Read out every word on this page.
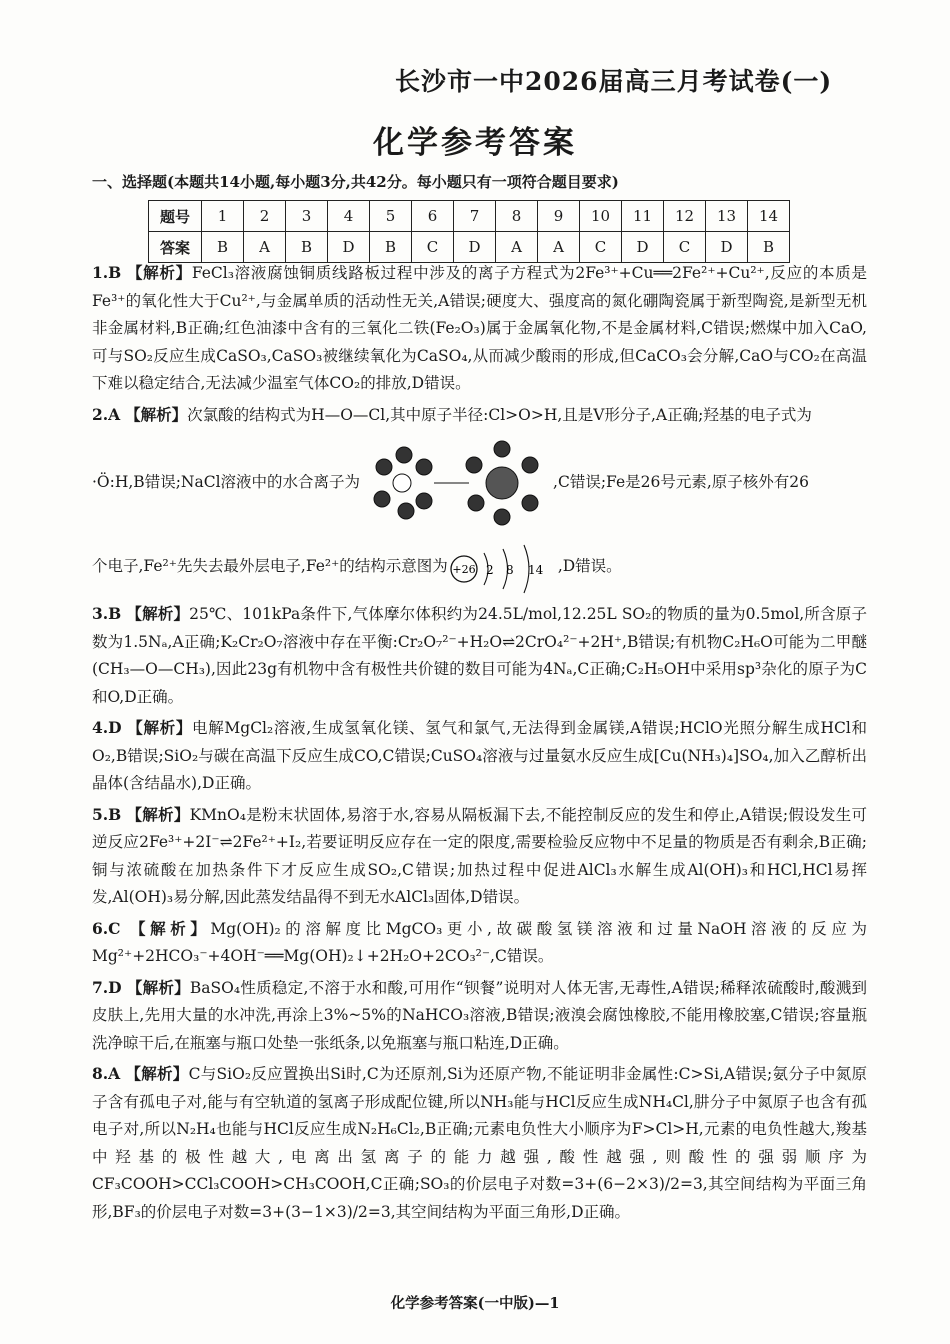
长沙市一中2026届高三月考试卷(一)
化学参考答案
一、选择题(本题共14小题,每小题3分,共42分。每小题只有一项符合题目要求)
题号	1	2	3	4	5	6	7	8	9	10	11	12	13	14
答案	B	A	B	D	B	C	D	A	A	C	D	C	D	B

1.B 【解析】FeCl₃溶液腐蚀铜质线路板过程中涉及的离子方程式为2Fe³⁺+Cu══2Fe²⁺+Cu²⁺,反应的本质是Fe³⁺的氧化性大于Cu²⁺,与金属单质的活动性无关,A错误;硬度大、强度高的氮化硼陶瓷属于新型陶瓷,是新型无机非金属材料,B正确;红色油漆中含有的三氧化二铁(Fe₂O₃)属于金属氧化物,不是金属材料,C错误;燃煤中加入CaO,可与SO₂反应生成CaSO₃,CaSO₃被继续氧化为CaSO₄,从而减少酸雨的形成,但CaCO₃会分解,CaO与CO₂在高温下难以稳定结合,无法减少温室气体CO₂的排放,D错误。

2.A 【解析】次氯酸的结构式为H—O—Cl,其中原子半径:Cl>O>H,且是V形分子,A正确;羟基的电子式为
·Ö:H,B错误;NaCl溶液中的水合离子为	,C错误;Fe是26号元素,原子核外有26
个电子,Fe²⁺先失去最外层电子,Fe²⁺的结构示意图为 +26 2 8 14 ,D错误。

3.B 【解析】25℃、101kPa条件下,气体摩尔体积约为24.5L/mol,12.25L SO₂的物质的量为0.5mol,所含原子数为1.5Nₐ,A正确;K₂Cr₂O₇溶液中存在平衡:Cr₂O₇²⁻+H₂O⇌2CrO₄²⁻+2H⁺,B错误;有机物C₂H₆O可能为二甲醚(CH₃—O—CH₃),因此23g有机物中含有极性共价键的数目可能为4Nₐ,C正确;C₂H₅OH中采用sp³杂化的原子为C和O,D正确。

4.D 【解析】电解MgCl₂溶液,生成氢氧化镁、氢气和氯气,无法得到金属镁,A错误;HClO光照分解生成HCl和O₂,B错误;SiO₂与碳在高温下反应生成CO,C错误;CuSO₄溶液与过量氨水反应生成[Cu(NH₃)₄]SO₄,加入乙醇析出晶体(含结晶水),D正确。

5.B 【解析】KMnO₄是粉末状固体,易溶于水,容易从隔板漏下去,不能控制反应的发生和停止,A错误;假设发生可逆反应2Fe³⁺+2I⁻⇌2Fe²⁺+I₂,若要证明反应存在一定的限度,需要检验反应物中不足量的物质是否有剩余,B正确;铜与浓硫酸在加热条件下才反应生成SO₂,C错误;加热过程中促进AlCl₃水解生成Al(OH)₃和HCl,HCl易挥发,Al(OH)₃易分解,因此蒸发结晶得不到无水AlCl₃固体,D错误。

6.C 【解析】Mg(OH)₂的溶解度比MgCO₃更小,故碳酸氢镁溶液和过量NaOH溶液的反应为Mg²⁺+2HCO₃⁻+4OH⁻══Mg(OH)₂↓+2H₂O+2CO₃²⁻,C错误。

7.D 【解析】BaSO₄性质稳定,不溶于水和酸,可用作“钡餐”说明对人体无害,无毒性,A错误;稀释浓硫酸时,酸溅到皮肤上,先用大量的水冲洗,再涂上3%~5%的NaHCO₃溶液,B错误;液溴会腐蚀橡胶,不能用橡胶塞,C错误;容量瓶洗净晾干后,在瓶塞与瓶口处垫一张纸条,以免瓶塞与瓶口粘连,D正确。

8.A 【解析】C与SiO₂反应置换出Si时,C为还原剂,Si为还原产物,不能证明非金属性:C>Si,A错误;氨分子中氮原子含有孤电子对,能与有空轨道的氢离子形成配位键,所以NH₃能与HCl反应生成NH₄Cl,肼分子中氮原子也含有孤电子对,所以N₂H₄也能与HCl反应生成N₂H₆Cl₂,B正确;元素电负性大小顺序为F>Cl>H,元素的电负性越大,羧基中羟基的极性越大,电离出氢离子的能力越强,酸性越强,则酸性的强弱顺序为CF₃COOH>CCl₃COOH>CH₃COOH,C正确;SO₃的价层电子对数=3+(6−2×3)/2=3,其空间结构为平面三角形,BF₃的价层电子对数=3+(3−1×3)/2=3,其空间结构为平面三角形,D正确。

化学参考答案(一中版)—1
